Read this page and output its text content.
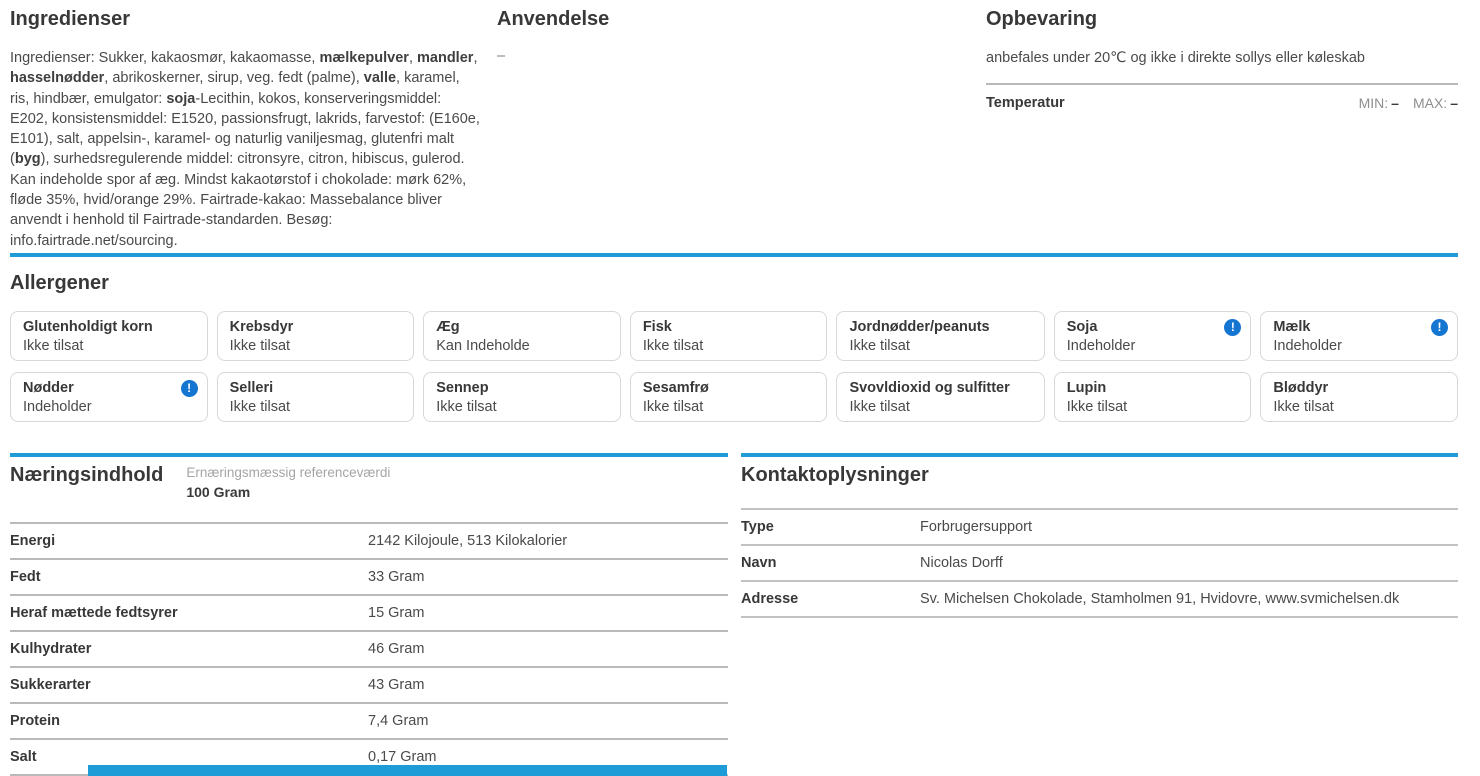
Ingredienser

Ingredienser: Sukker, kakaosmør, kakaomasse, mælkepulver, mandler, hasselnødder, abrikoskerner, sirup, veg. fedt (palme), valle, karamel, ris, hindbær, emulgator: soja-Lecithin, kokos, konserveringsmiddel: E202, konsistensmiddel: E1520, passionsfrugt, lakrids, farvestof: (E160e, E101), salt, appelsin-, karamel- og naturlig vaniljesmag, glutenfri malt (byg), surhedsregulerende middel: citronsyre, citron, hibiscus, gulerod. Kan indeholde spor af æg. Mindst kakaotørstof i chokolade: mørk 62%, fløde 35%, hvid/orange 29%. Fairtrade-kakao: Massebalance bliver anvendt i henhold til Fairtrade-standarden. Besøg: info.fairtrade.net/sourcing.

Anvendelse

–

Opbevaring

anbefales under 20℃ og ikke i direkte sollys eller køleskab

Temperatur	MIN: – MAX: –
Allergener
Glutenholdigt korn
Ikke tilsat
Krebsdyr
Ikke tilsat
Æg
Kan Indeholde
Fisk
Ikke tilsat
Jordnødder/peanuts
Ikke tilsat
!
Soja
Indeholder
!
Mælk
Indeholder
!
Nødder
Indeholder
Selleri
Ikke tilsat
Sennep
Ikke tilsat
Sesamfrø
Ikke tilsat
Svovldioxid og sulfitter
Ikke tilsat
Lupin
Ikke tilsat
Bløddyr
Ikke tilsat
Næringsindhold Ernæringsmæssig referenceværdi
100 Gram
Energi	2142 Kilojoule, 513 Kilokalorier
Fedt	33 Gram
Heraf mættede fedtsyrer	15 Gram
Kulhydrater	46 Gram
Sukkerarter	43 Gram
Protein	7,4 Gram
Salt	0,17 Gram
Kontaktoplysninger
Type	Forbrugersupport
Navn	Nicolas Dorff
Adresse	Sv. Michelsen Chokolade, Stamholmen 91, Hvidovre, www.svmichelsen.dk
